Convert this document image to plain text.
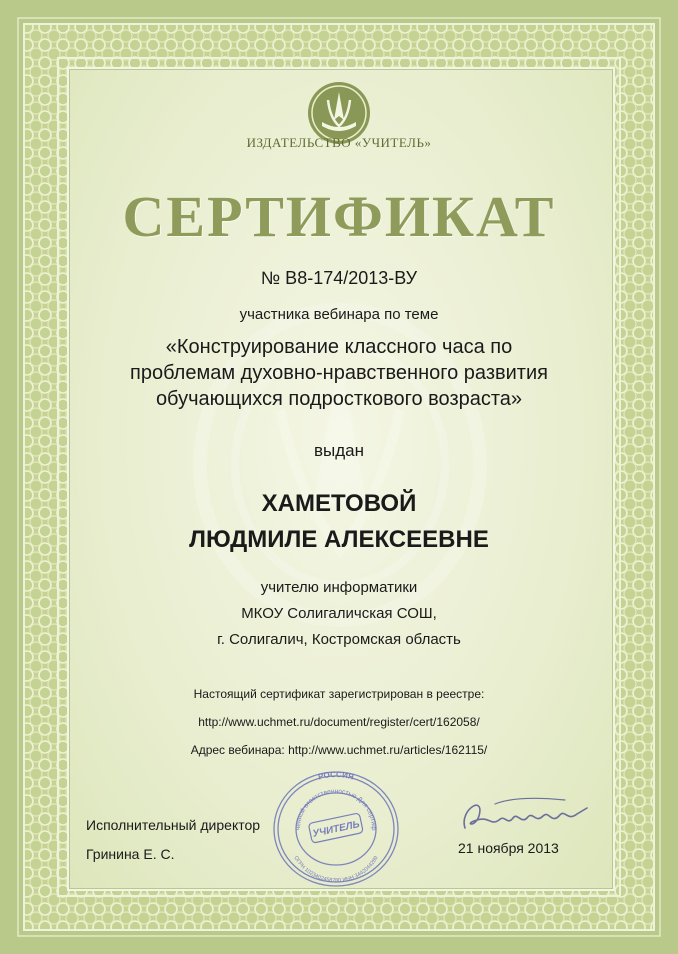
ИЗДАТЕЛЬСТВО «УЧИТЕЛЬ»
СЕРТИФИКАТ
№ В8-174/2013-ВУ
участника вебинара по теме
«Конструирование классного часа по
проблемам духовно-нравственного развития
обучающихся подросткового возраста»
выдан
ХАМЕТОВОЙ
ЛЮДМИЛЕ АЛЕКСЕЕВНЕ
учителю информатики
МКОУ Солигаличская СОШ,
г. Солигалич, Костромская область
Настоящий сертификат зарегистрирован в реестре:
http://www.uchmet.ru/document/register/cert/162058/
Адрес вебинара: http://www.uchmet.ru/articles/162115/
Исполнительный директор
Гринина Е. С.
РОССИЯ
ченной ответственностью Для сертиф
ОГРН 1023402458780 ИНН 3442044289
УЧИТЕЛЬ
21 ноября 2013
